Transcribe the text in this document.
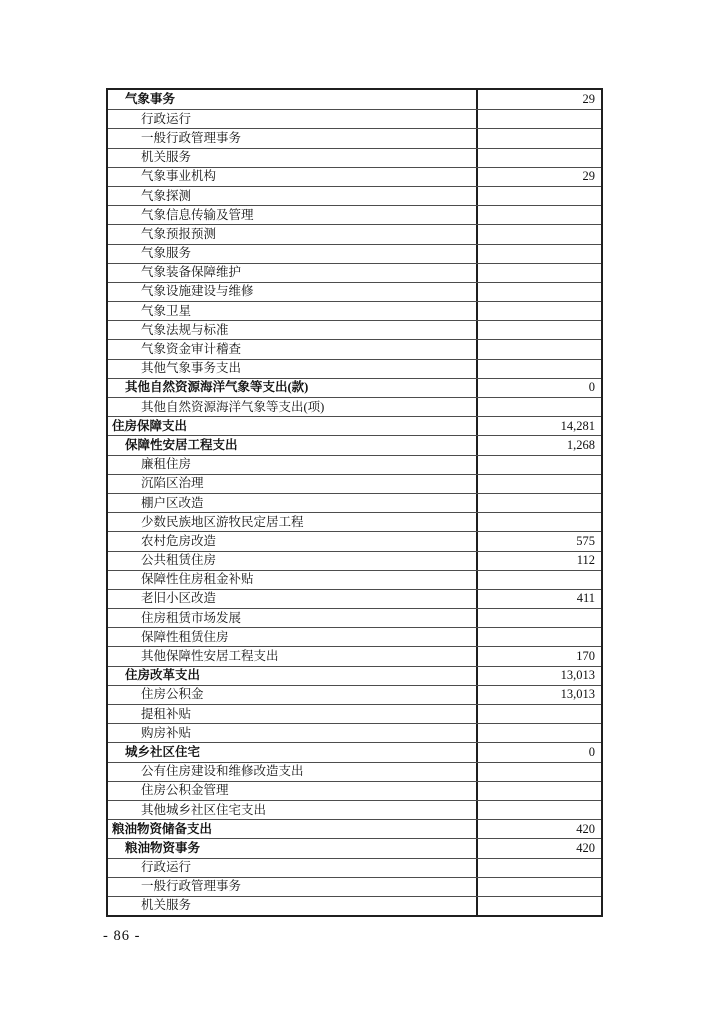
气象事务	29
行政运行
一般行政管理事务
机关服务
气象事业机构	29
气象探测
气象信息传输及管理
气象预报预测
气象服务
气象装备保障维护
气象设施建设与维修
气象卫星
气象法规与标准
气象资金审计稽查
其他气象事务支出
其他自然资源海洋气象等支出(款)	0
其他自然资源海洋气象等支出(项)
住房保障支出	14,281
保障性安居工程支出	1,268
廉租住房
沉陷区治理
棚户区改造
少数民族地区游牧民定居工程
农村危房改造	575
公共租赁住房	112
保障性住房租金补贴
老旧小区改造	411
住房租赁市场发展
保障性租赁住房
其他保障性安居工程支出	170
住房改革支出	13,013
住房公积金	13,013
提租补贴
购房补贴
城乡社区住宅	0
公有住房建设和维修改造支出
住房公积金管理
其他城乡社区住宅支出
粮油物资储备支出	420
粮油物资事务	420
行政运行
一般行政管理事务
机关服务
- 86 -
